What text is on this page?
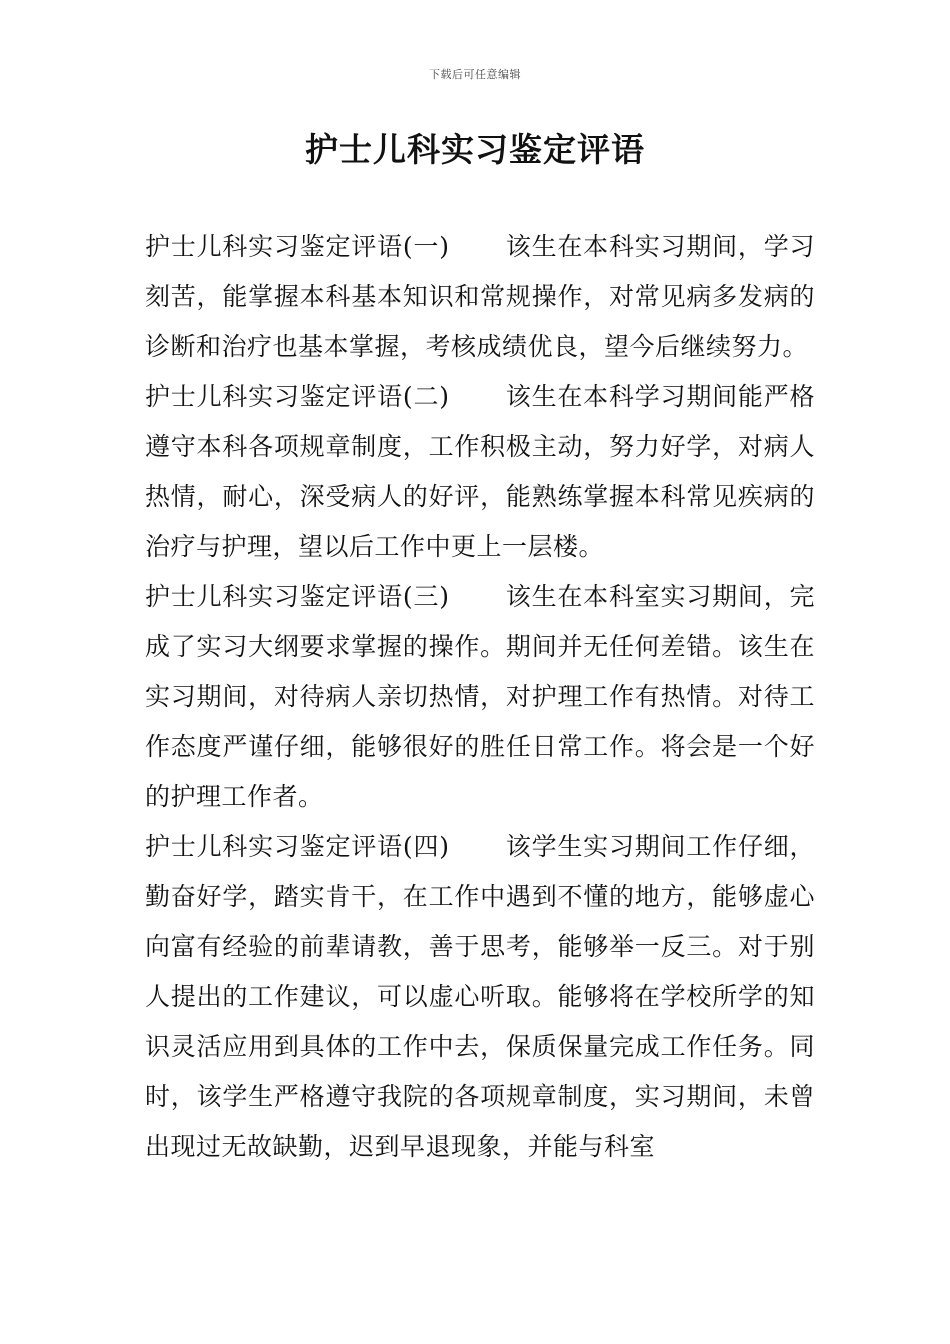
下载后可任意编辑
护士儿科实习鉴定评语

护士儿科实习鉴定评语(一) 该生在本科实习期间，学习刻苦，能掌握本科基本知识和常规操作，对常见病多发病的诊断和治疗也基本掌握，考核成绩优良，望今后继续努力。

护士儿科实习鉴定评语(二) 该生在本科学习期间能严格遵守本科各项规章制度，工作积极主动，努力好学，对病人热情，耐心，深受病人的好评，能熟练掌握本科常见疾病的治疗与护理，望以后工作中更上一层楼。

护士儿科实习鉴定评语(三) 该生在本科室实习期间，完成了实习大纲要求掌握的操作。期间并无任何差错。该生在实习期间，对待病人亲切热情，对护理工作有热情。对待工作态度严谨仔细，能够很好的胜任日常工作。将会是一个好的护理工作者。

护士儿科实习鉴定评语(四) 该学生实习期间工作仔细，勤奋好学，踏实肯干，在工作中遇到不懂的地方，能够虚心向富有经验的前辈请教，善于思考，能够举一反三。对于别人提出的工作建议，可以虚心听取。能够将在学校所学的知识灵活应用到具体的工作中去，保质保量完成工作任务。同时，该学生严格遵守我院的各项规章制度，实习期间，未曾出现过无故缺勤，迟到早退现象，并能与科室
